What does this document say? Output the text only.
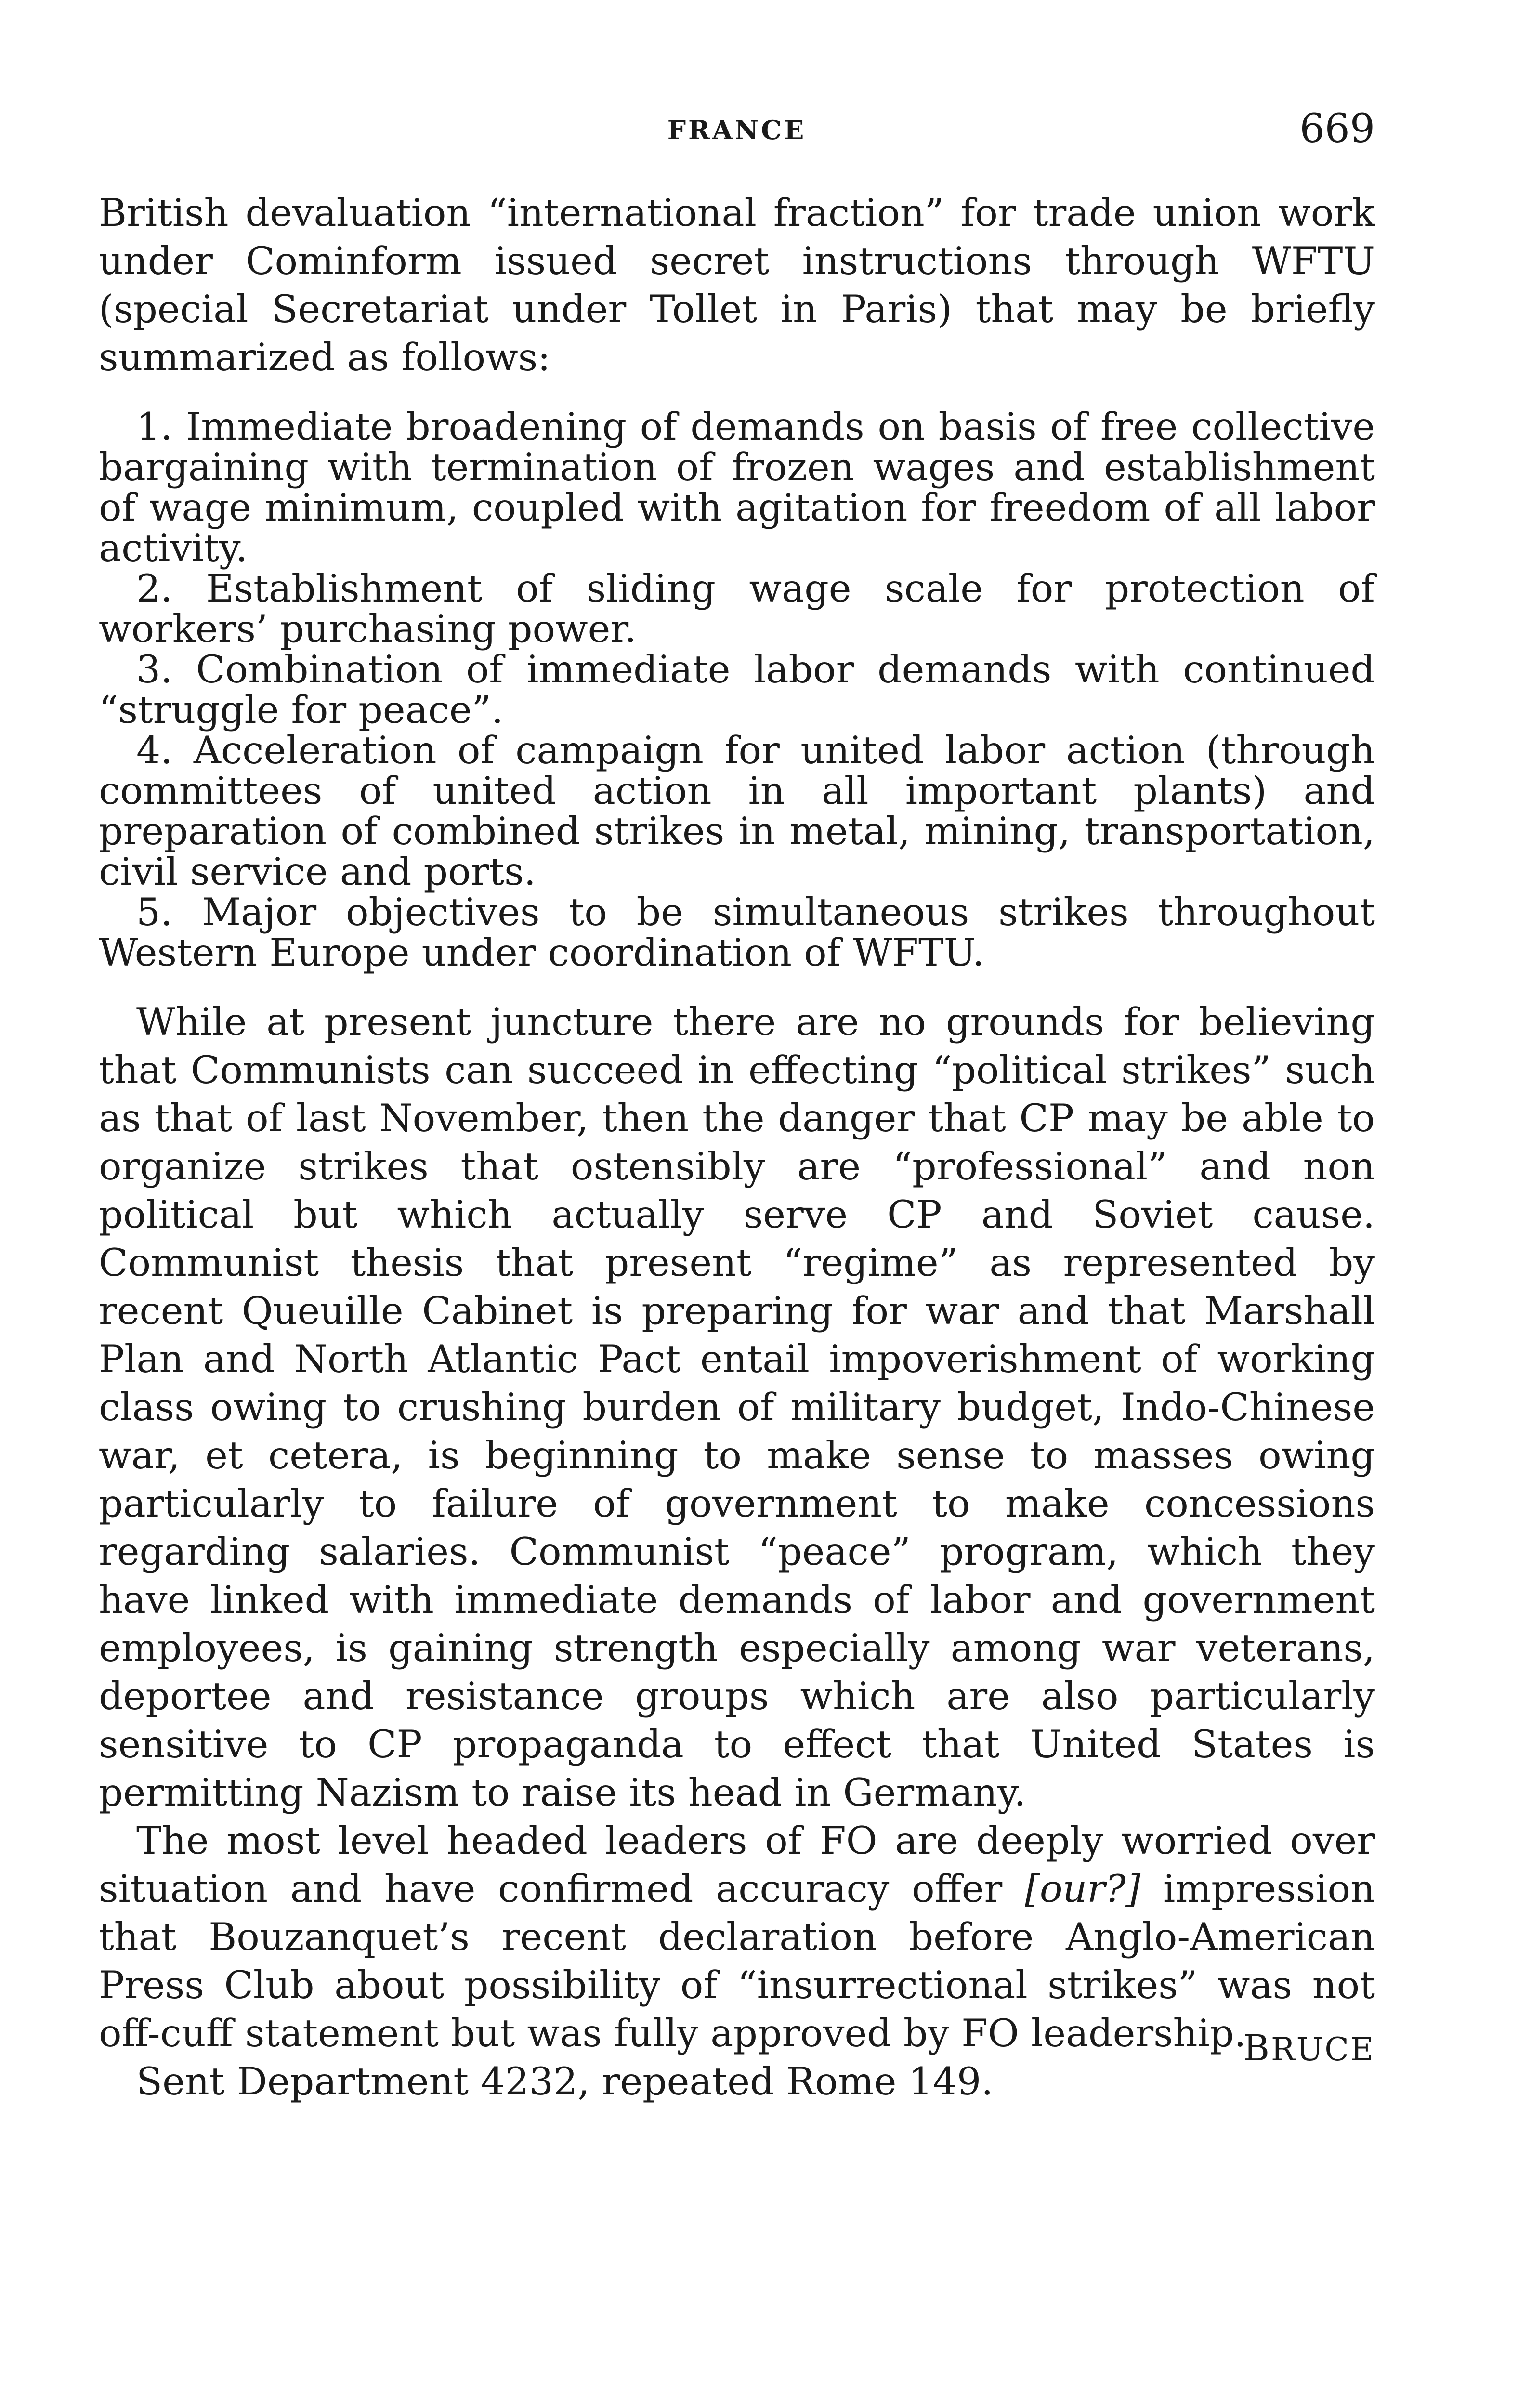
FRANCE	669

British devaluation “international fraction” for trade union work under Cominform issued secret instructions through WFTU (special Secretariat under Tollet in Paris) that may be briefly summarized as follows:

1. Immediate broadening of demands on basis of free collective bargaining with termination of frozen wages and establishment of wage minimum, coupled with agitation for freedom of all labor activity.
2. Establishment of sliding wage scale for protection of workers’ purchasing power.
3. Combination of immediate labor demands with continued “struggle for peace”.
4. Acceleration of campaign for united labor action (through committees of united action in all important plants) and preparation of combined strikes in metal, mining, transportation, civil service and ports.
5. Major objectives to be simultaneous strikes throughout Western Europe under coordination of WFTU.

While at present juncture there are no grounds for believing that Communists can succeed in effecting “political strikes” such as that of last November, then the danger that CP may be able to organize strikes that ostensibly are “professional” and non political but which actually serve CP and Soviet cause. Communist thesis that present “regime” as represented by recent Queuille Cabinet is preparing for war and that Marshall Plan and North Atlantic Pact entail impoverishment of working class owing to crushing burden of military budget, Indo-Chinese war, et cetera, is beginning to make sense to masses owing particularly to failure of government to make concessions regarding salaries. Communist “peace” program, which they have linked with immediate demands of labor and government employees, is gaining strength especially among war veterans, deportee and resistance groups which are also particularly sensitive to CP propaganda to effect that United States is permitting Nazism to raise its head in Germany.

The most level headed leaders of FO are deeply worried over situation and have confirmed accuracy offer [our?] impression that Bouzanquet’s recent declaration before Anglo-American Press Club about possibility of “insurrectional strikes” was not off-cuff statement but was fully approved by FO leadership.

Sent Department 4232, repeated Rome 149.

BRUCE
